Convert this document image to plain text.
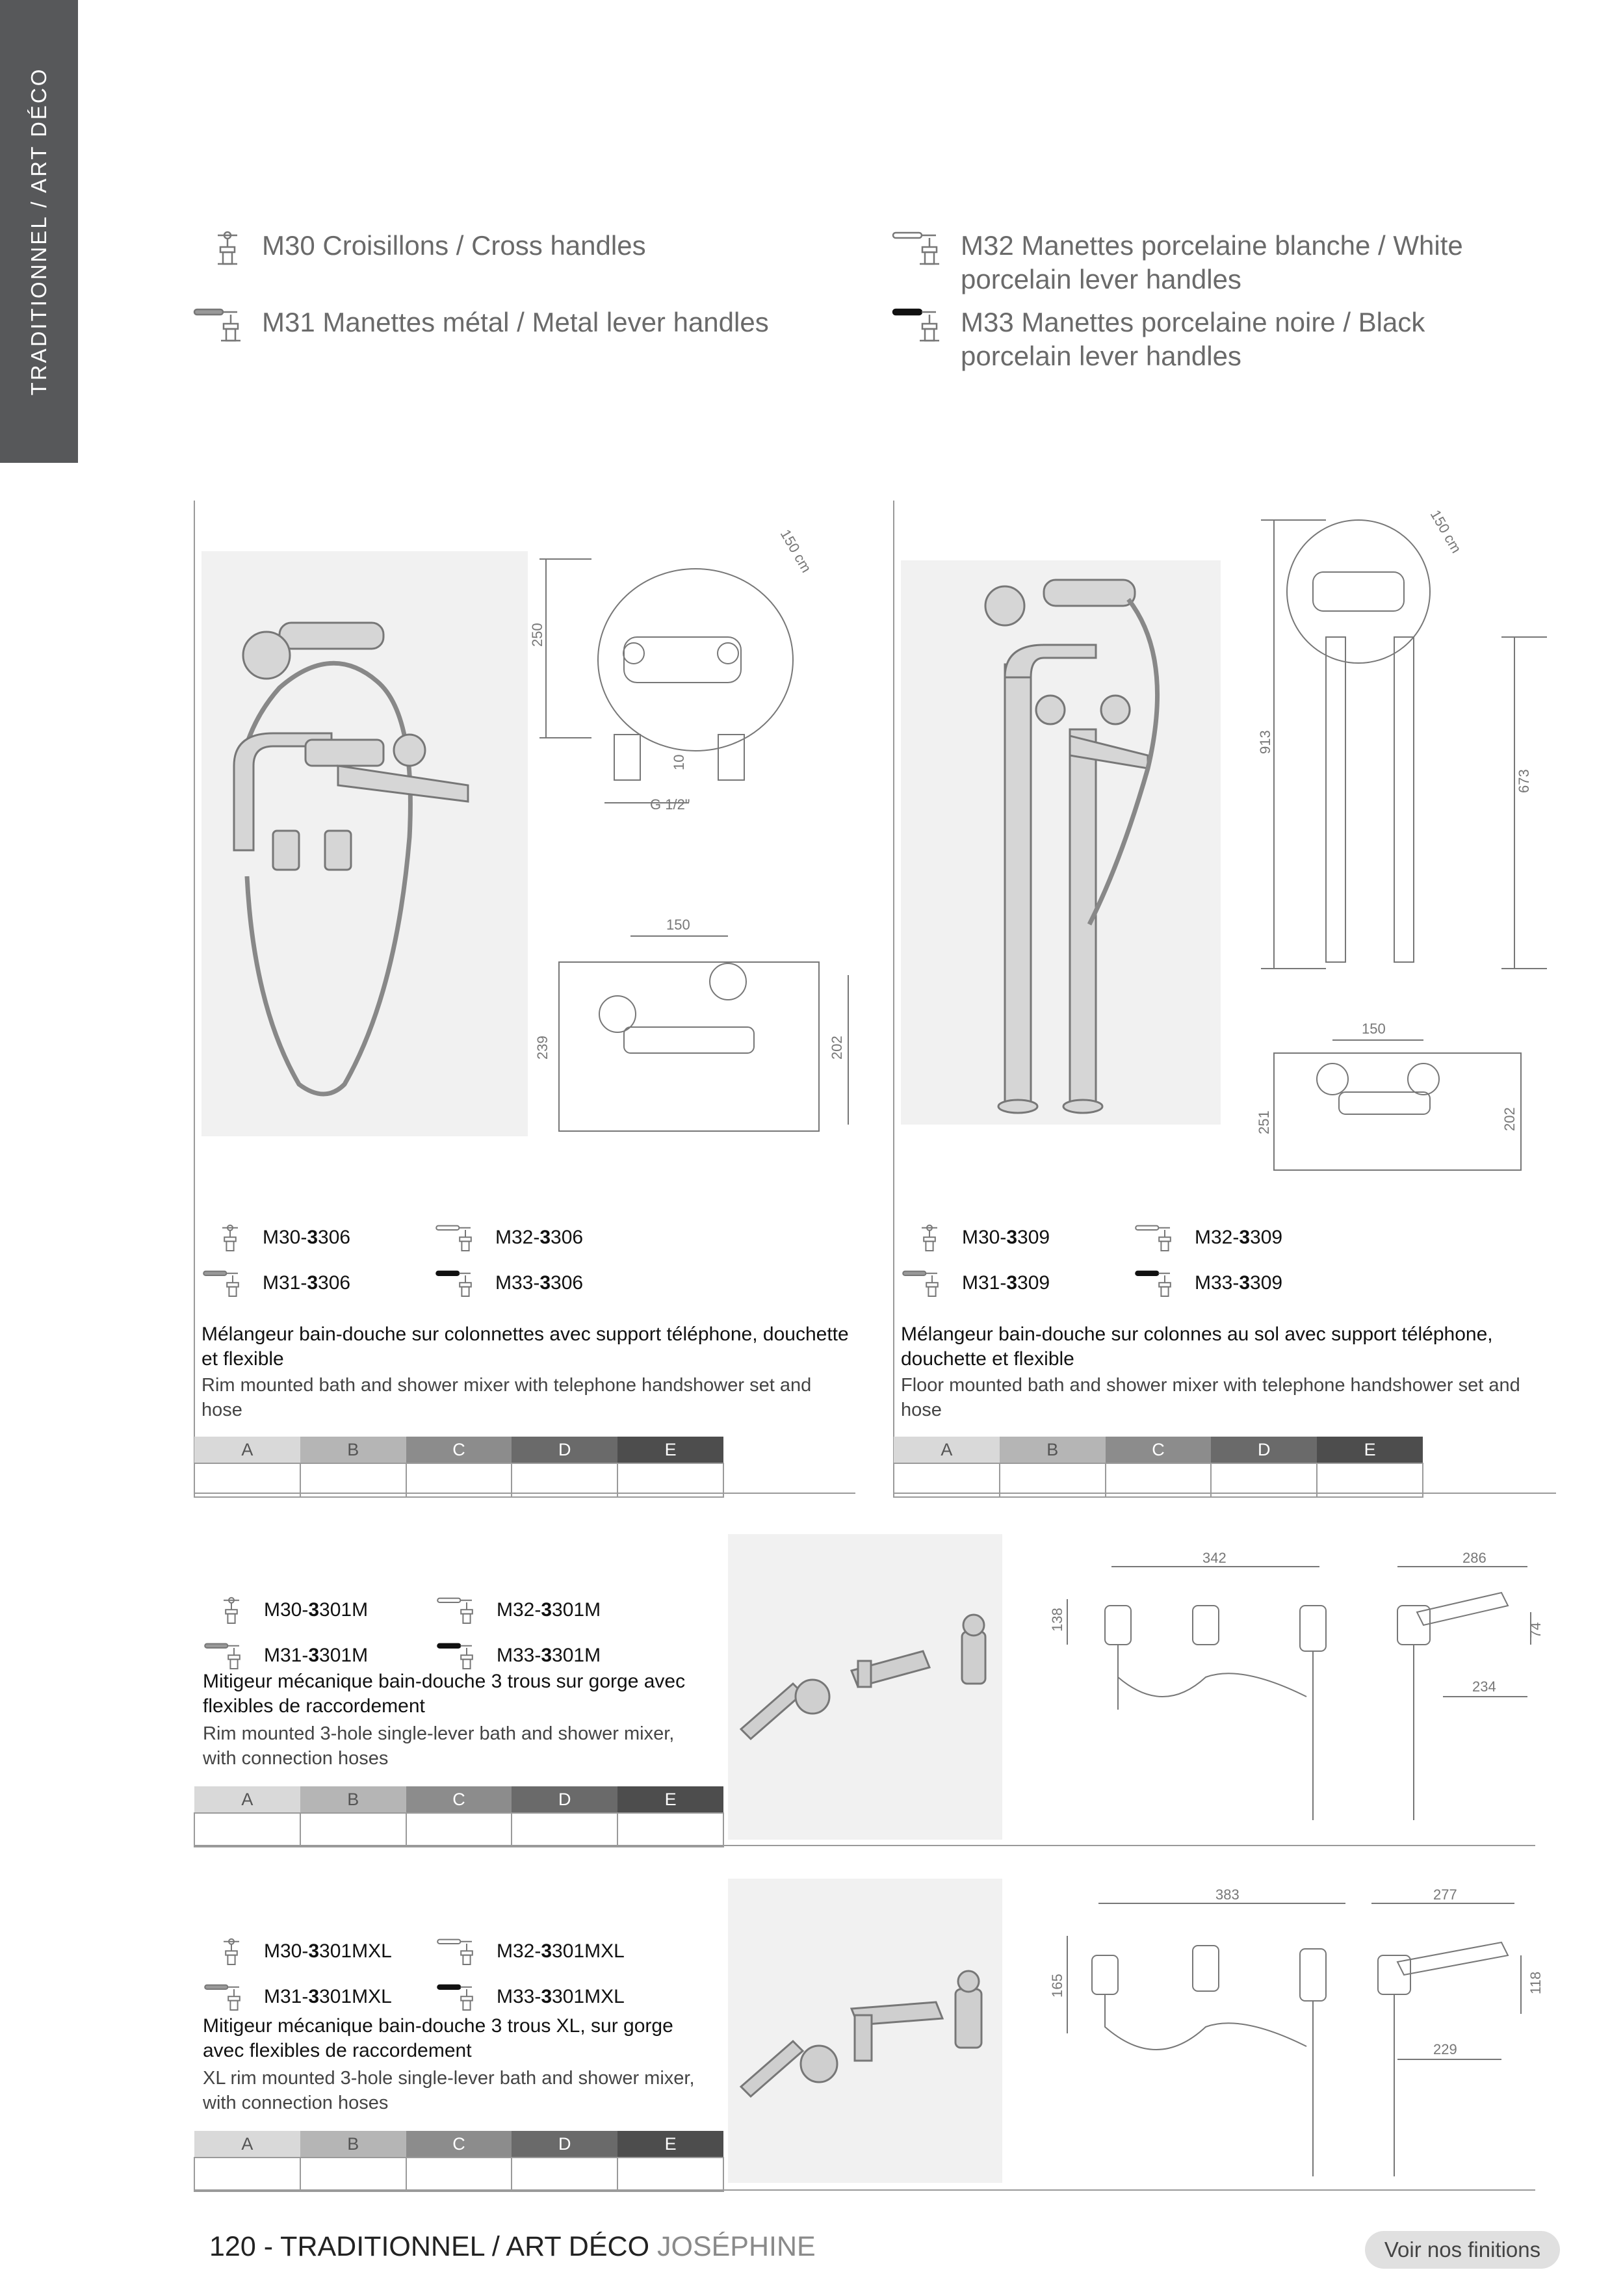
TRADITIONNEL / ART DÉCO	M30 Croisillons / Cross handles
M31 Manettes métal / Metal lever handles
M32 Manettes porcelaine blanche / White porcelain lever handles
M33 Manettes porcelaine noire / Black porcelain lever handles
250
150 cm
10
G 1/2"
150
239	202
M30- 3 306	M32- 3 306
M31- 3 306	M33- 3 306
Mélangeur bain-douche sur colonnettes avec support téléphone, douchette et flexible
Rim mounted bath and shower mixer with telephone handshower set and hose
A	B	C	D	E

913
673
150 cm
150
251	202
M30- 3 309	M32- 3 309
M31- 3 309	M33- 3 309
Mélangeur bain-douche sur colonnes au sol avec support téléphone, douchette et flexible
Floor mounted bath and shower mixer with telephone handshower set and hose
A	B	C	D	E

M30- 3 301M	M32- 3 301M
M31- 3 301M	M33- 3 301M
Mitigeur mécanique bain-douche 3 trous sur gorge avec flexibles de raccordement
Rim mounted 3-hole single-lever bath and shower mixer, with connection hoses
A	B	C	D	E

342	286
138	74
234
M30- 3 301MXL	M32- 3 301MXL
M31- 3 301MXL	M33- 3 301MXL
Mitigeur mécanique bain-douche 3 trous XL, sur gorge avec flexibles de raccordement
XL rim mounted 3-hole single-lever bath and shower mixer, with connection hoses
A	B	C	D	E

383	277
165	118
229
120 - TRADITIONNEL / ART DÉCO JOSÉPHINE	Voir nos finitions
